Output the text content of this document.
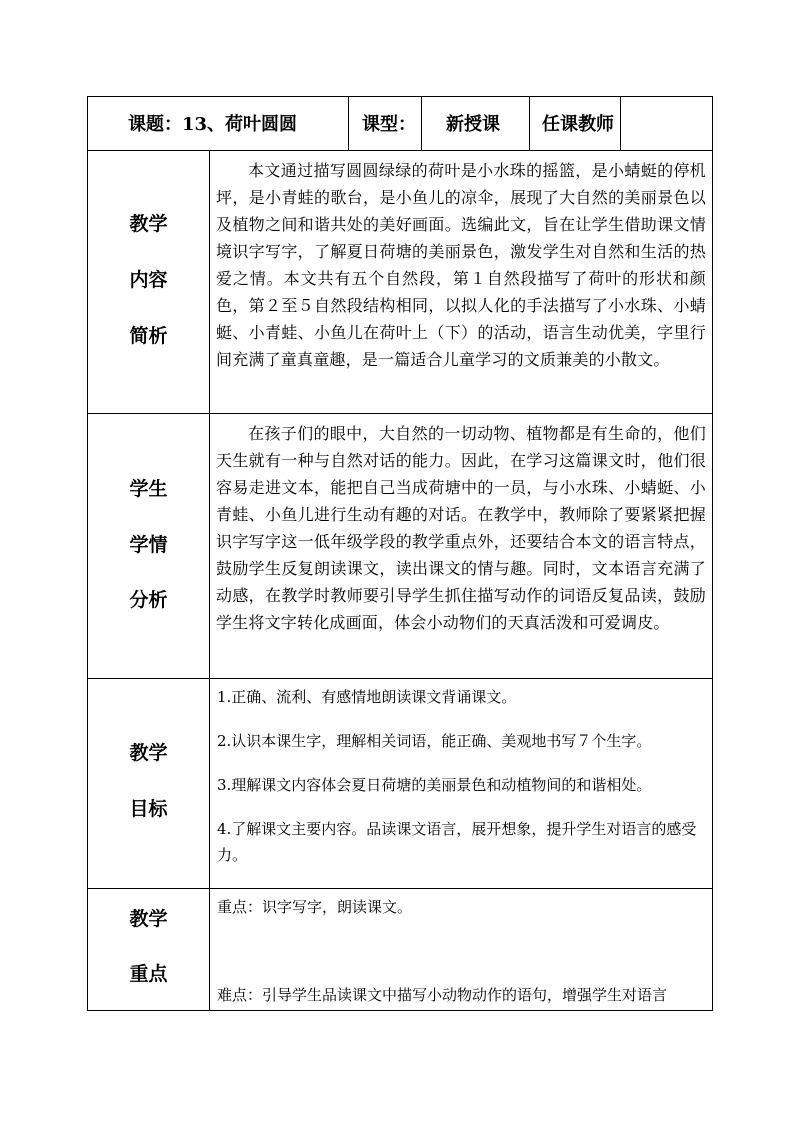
课题： 13、荷叶圆圆	课型： 新授课 任课教师
教学
内容
简析
本文通过描写圆圆绿绿的荷叶是小水珠的摇篮，是小蜻蜓的停机坪，是小青蛙的歌台，是小鱼儿的凉伞，展现了大自然的美丽景色以及植物之间和谐共处的美好画面。选编此文，旨在让学生借助课文情境识字写字，了解夏日荷塘的美丽景色，激发学生对自然和生活的热爱之情。本文共有五个自然段，第１自然段描写了荷叶的形状和颜色，第２至５自然段结构相同，以拟人化的手法描写了小水珠、小蜻蜓、小青蛙、小鱼儿在荷叶上（下）的活动，语言生动优美，字里行间充满了童真童趣，是一篇适合儿童学习的文质兼美的小散文。
学生
学情
分析
在孩子们的眼中，大自然的一切动物、植物都是有生命的，他们天生就有一种与自然对话的能力。因此，在学习这篇课文时，他们很容易走进文本，能把自己当成荷塘中的一员，与小水珠、小蜻蜓、小青蛙、小鱼儿进行生动有趣的对话。在教学中，教师除了要紧紧把握识字写字这一低年级学段的教学重点外，还要结合本文的语言特点，鼓励学生反复朗读课文，读出课文的情与趣。同时，文本语言充满了动感，在教学时教师要引导学生抓住描写动作的词语反复品读，鼓励学生将文字转化成画面，体会小动物们的天真活泼和可爱调皮。
教学
目标
1.正确、流利、有感情地朗读课文背诵课文。
2.认识本课生字，理解相关词语，能正确、美观地书写７个生字。
3.理解课文内容体会夏日荷塘的美丽景色和动植物间的和谐相处。
4.了解课文主要内容。品读课文语言，展开想象，提升学生对语言的感受力。
教学
重点
重点：识字写字，朗读课文。
难点：引导学生品读课文中描写小动物动作的语句，增强学生对语言
